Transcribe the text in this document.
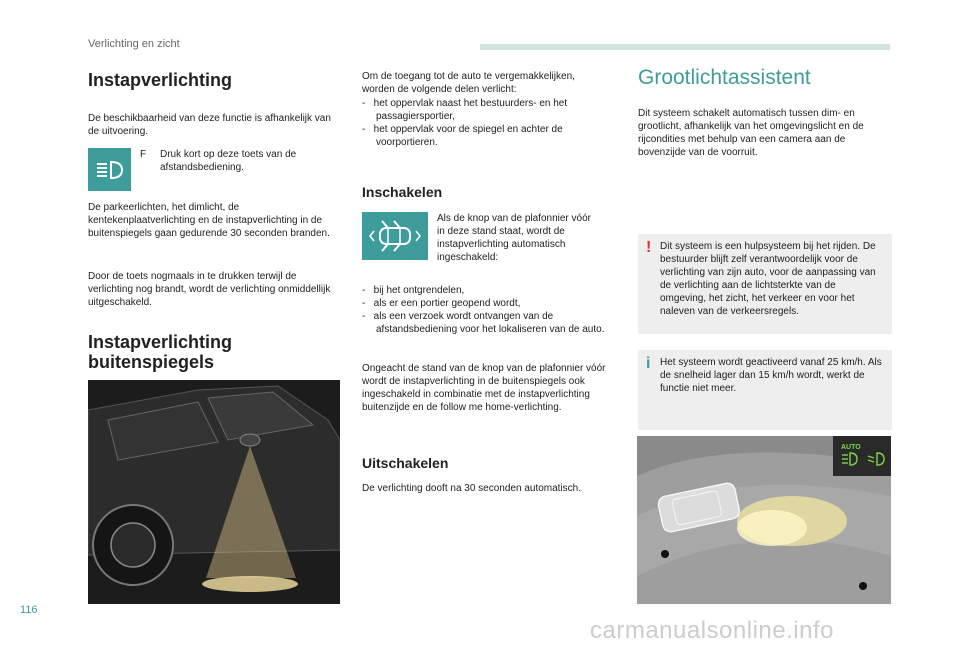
Verlichting en zicht
Instapverlichting
De beschikbaarheid van deze functie is afhankelijk van de uitvoering.
F	Druk kort op deze toets van de afstandsbediening.
De parkeerlichten, het dimlicht, de kentekenplaatverlichting en de instapverlichting in de buitenspiegels gaan gedurende 30 seconden branden.
Door de toets nogmaals in te drukken terwijl de verlichting nog brandt, wordt de verlichting onmiddellijk uitgeschakeld.
Instapverlichting
buitenspiegels
Om de toegang tot de auto te vergemakkelijken, worden de volgende delen verlicht:
-   het oppervlak naast het bestuurders- en het passagiersportier,
-   het oppervlak voor de spiegel en achter de voorportieren.
Inschakelen
Als de knop van de plafonnier vóór in deze stand staat, wordt de instapverlichting automatisch ingeschakeld:
-   bij het ontgrendelen,
-   als er een portier geopend wordt,
-   als een verzoek wordt ontvangen van de afstandsbediening voor het lokaliseren van de auto.
Ongeacht de stand van de knop van de plafonnier vóór wordt de instapverlichting in de buitenspiegels ook ingeschakeld in combinatie met de instapverlichting buitenzijde en de follow me home-verlichting.
Uitschakelen
De verlichting dooft na 30 seconden automatisch.
Grootlichtassistent
Dit systeem schakelt automatisch tussen dim- en grootlicht, afhankelijk van het omgevingslicht en de rijcondities met behulp van een camera aan de bovenzijde van de voorruit.
! Dit systeem is een hulpsysteem bij het rijden. De bestuurder blijft zelf verantwoordelijk voor de verlichting van zijn auto, voor de aanpassing van de verlichting aan de lichtsterkte van de omgeving, het zicht, het verkeer en voor het naleven van de verkeersregels.
i Het systeem wordt geactiveerd vanaf 25 km/h. Als de snelheid lager dan 15 km/h wordt, werkt de functie niet meer.
AUTO
116
carmanualsonline.info
